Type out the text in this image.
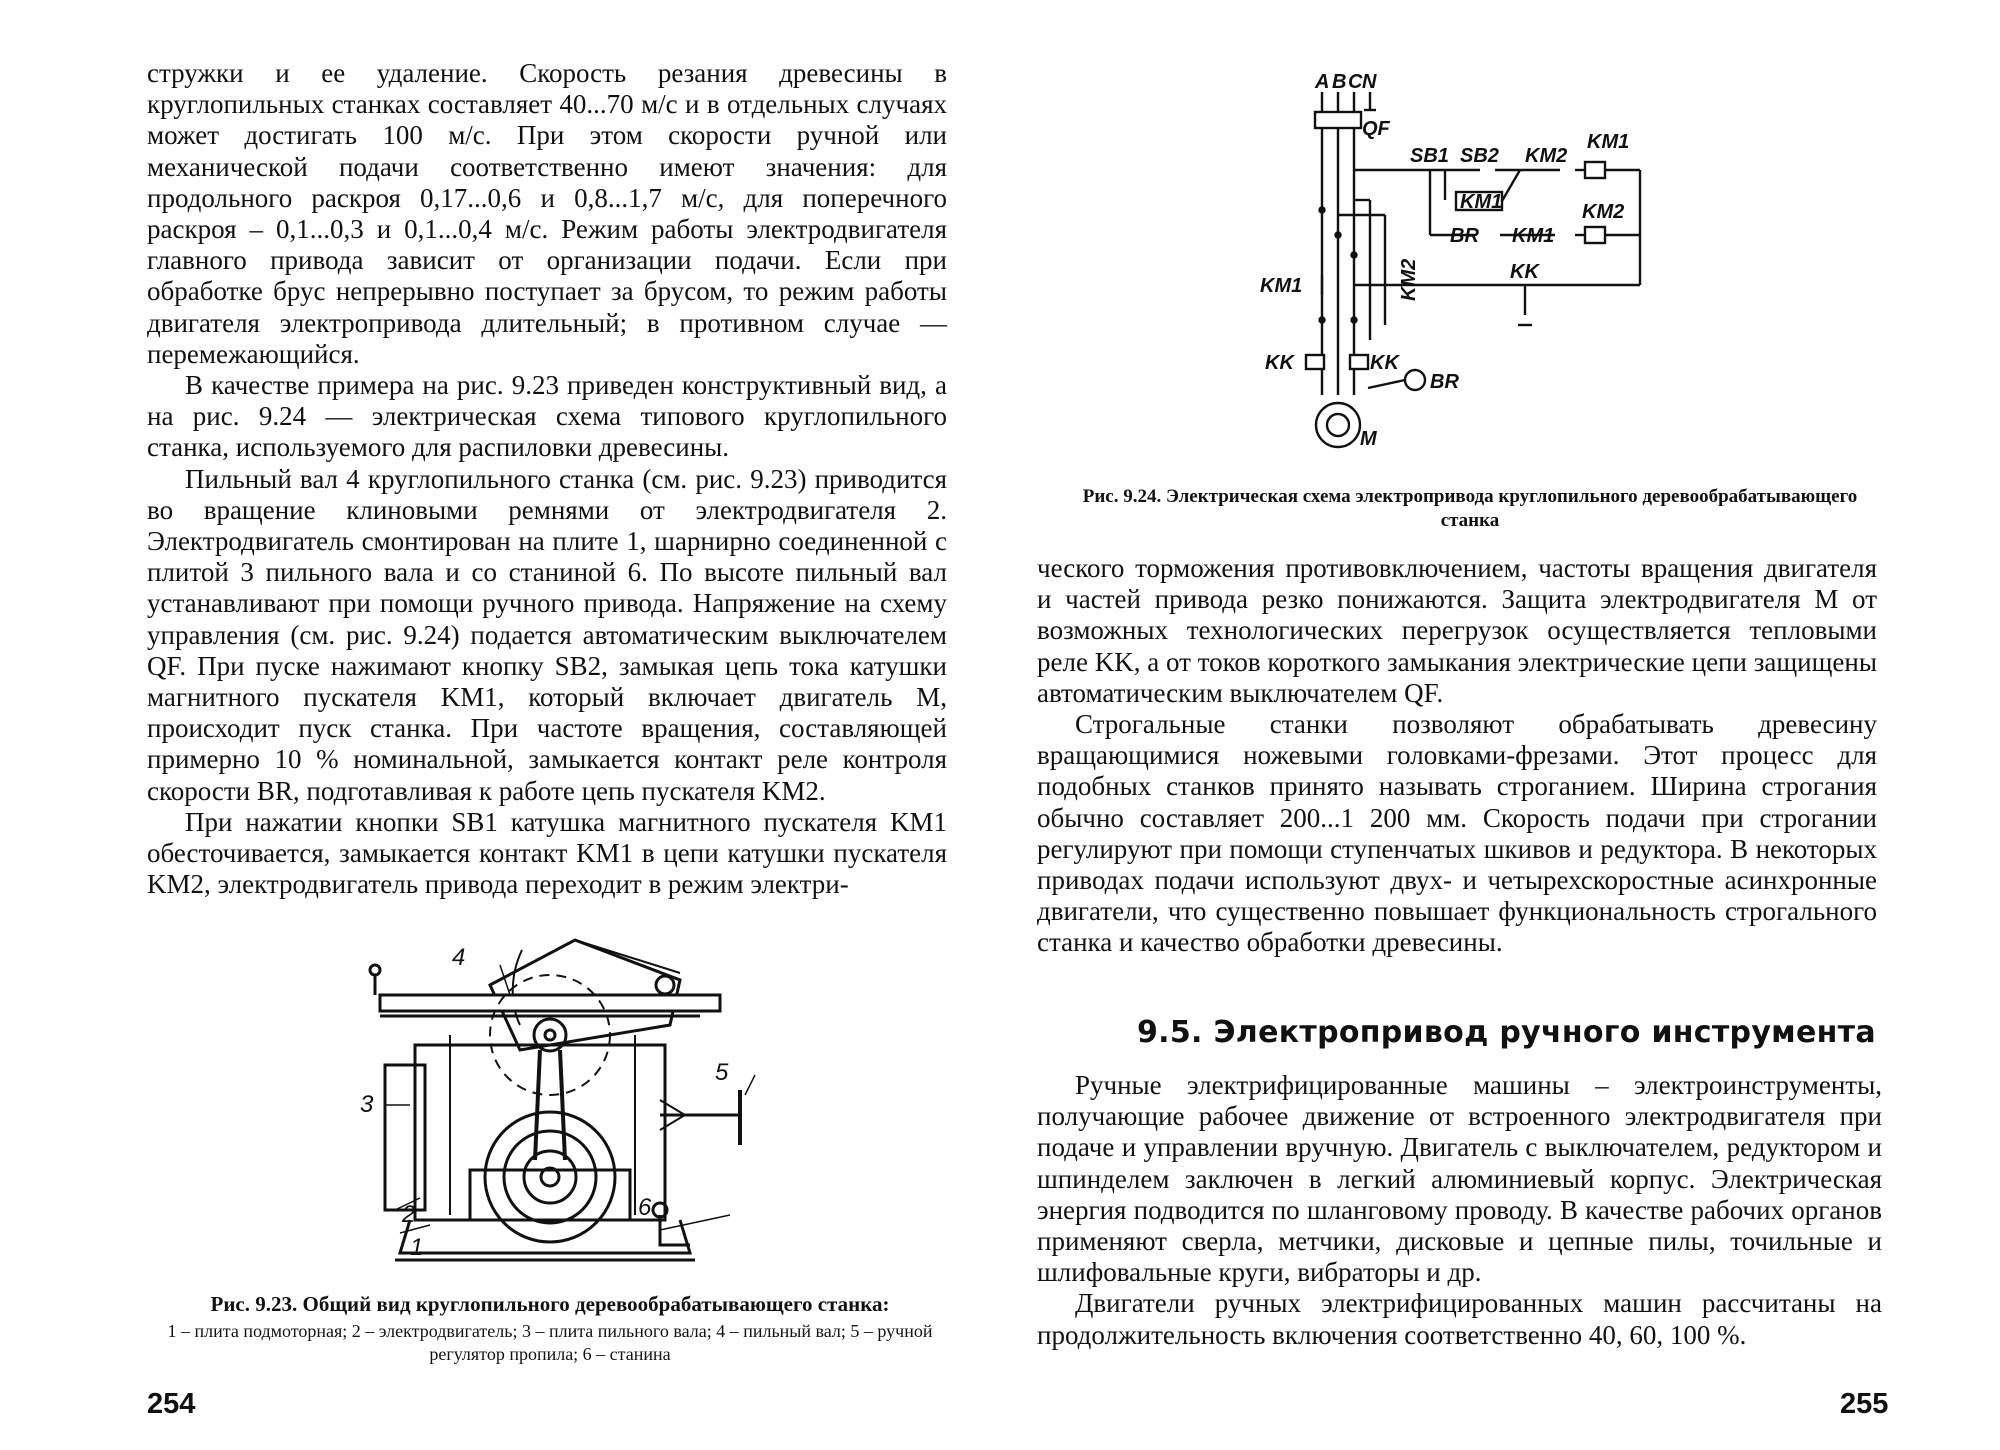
стружки и ее удаление. Скорость резания древесины в круглопильных станках составляет 40...70 м/с и в отдельных случаях может достигать 100 м/с. При этом скорости ручной или механической подачи соответственно имеют значения: для продольного раскроя 0,17...0,6 и 0,8...1,7 м/с, для поперечного раскроя – 0,1...0,3 и 0,1...0,4 м/с. Режим работы электродвигателя главного привода зависит от организации подачи. Если при обработке брус непрерывно поступает за брусом, то режим работы двигателя электропривода длительный; в противном случае — перемежающийся.

В качестве примера на рис. 9.23 приведен конструктивный вид, а на рис. 9.24 — электрическая схема типового круглопильного станка, используемого для распиловки древесины.

Пильный вал 4 круглопильного станка (см. рис. 9.23) приводится во вращение клиновыми ремнями от электродвигателя 2. Электродвигатель смонтирован на плите 1, шарнирно соединенной с плитой 3 пильного вала и со станиной 6. По высоте пильный вал устанавливают при помощи ручного привода. Напряжение на схему управления (см. рис. 9.24) подается автоматическим выключателем QF. При пуске нажимают кнопку SB2, замыкая цепь тока катушки магнитного пускателя KM1, который включает двигатель M, происходит пуск станка. При частоте вращения, составляющей примерно 10 % номинальной, замыкается контакт реле контроля скорости BR, подготавливая к работе цепь пускателя KM2.

При нажатии кнопки SB1 катушка магнитного пускателя KM1 обесточивается, замыкается контакт KM1 в цепи катушки пускателя KM2, электродвигатель привода переходит в режим электри-

1
2
3
4
5
6
Рис. 9.23. Общий вид круглопильного деревообрабатывающего станка:
1 – плита подмоторная; 2 – электродвигатель; 3 – плита пильного вала; 4 – пильный вал; 5 – ручной регулятор пропила; 6 – станина
254
A B C N
QF
SB1 SB2 KM2
KM1
KM1
BR KM1
KM2
KK
KM1	KM2
KK	KK
BR
M
Рис. 9.24. Электрическая схема электропривода круглопильного деревообрабатывающего станка

ческого торможения противовключением, частоты вращения двигателя и частей привода резко понижаются. Защита электродвигателя M от возможных технологических перегрузок осуществляется тепловыми реле KK, а от токов короткого замыкания электрические цепи защищены автоматическим выключателем QF.

Строгальные станки позволяют обрабатывать древесину вращающимися ножевыми головками-фрезами. Этот процесс для подобных станков принято называть строганием. Ширина строгания обычно составляет 200...1 200 мм. Скорость подачи при строгании регулируют при помощи ступенчатых шкивов и редуктора. В некоторых приводах подачи используют двух- и четырехскоростные асинхронные двигатели, что существенно повышает функциональность строгального станка и качество обработки древесины.

9.5. Электропривод ручного инструмента

Ручные электрифицированные машины – электроинструменты, получающие рабочее движение от встроенного электродвигателя при подаче и управлении вручную. Двигатель с выключателем, редуктором и шпинделем заключен в легкий алюминиевый корпус. Электрическая энергия подводится по шланговому проводу. В качестве рабочих органов применяют сверла, метчики, дисковые и цепные пилы, точильные и шлифовальные круги, вибраторы и др.

Двигатели ручных электрифицированных машин рассчитаны на продолжительность включения соответственно 40, 60, 100 %.

255
